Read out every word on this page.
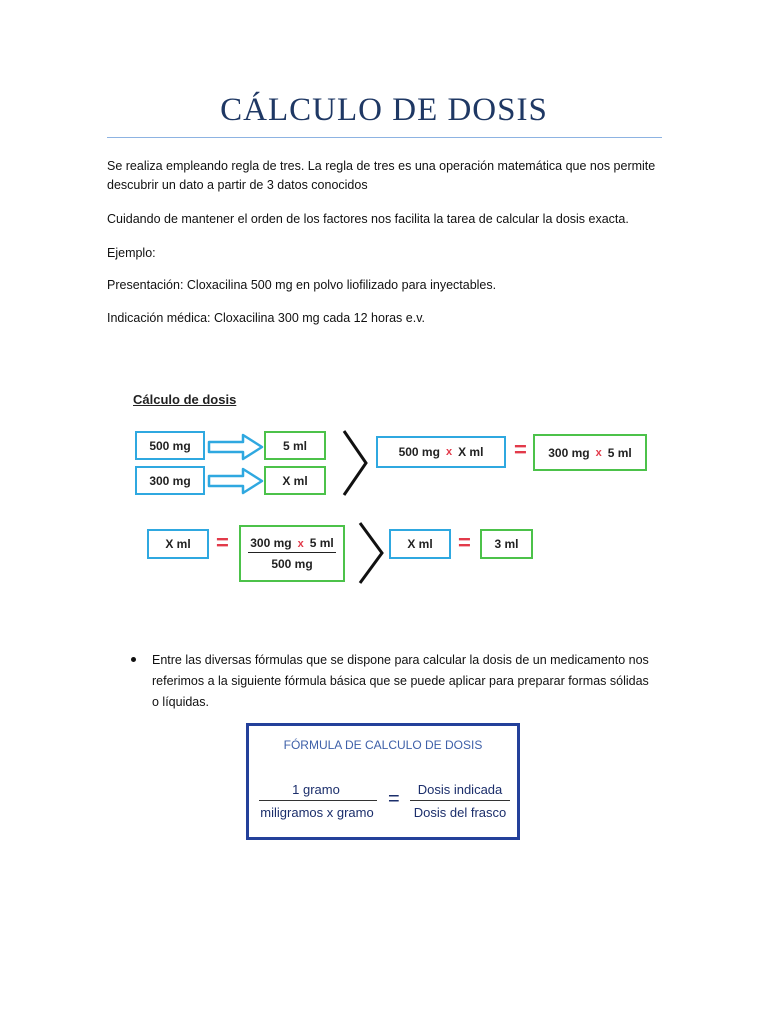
CÁLCULO DE DOSIS
Se realiza empleando regla de tres. La regla de tres es una operación matemática que nos permite
descubrir un dato a partir de 3 datos conocidos
Cuidando de mantener el orden de los factores nos facilita la tarea de calcular la dosis exacta.
Ejemplo:
Presentación: Cloxacilina 500 mg en polvo liofilizado para inyectables.
Indicación médica: Cloxacilina 300 mg cada 12 horas e.v.
Cálculo de dosis
500 mg
300 mg
5 ml
X ml
500 mg x X ml = 300 mg x 5 ml
X ml = 300 mg x 5 ml
500 mg
X ml = 3 ml
Entre las diversas fórmulas que se dispone para calcular la dosis de un medicamento nos
referimos a la siguiente fórmula básica que se puede aplicar para preparar formas sólidas
o líquidas.
FÓRMULA DE CALCULO DE DOSIS
1 gramo
miligramos x gramo
=	Dosis indicada
Dosis del frasco
